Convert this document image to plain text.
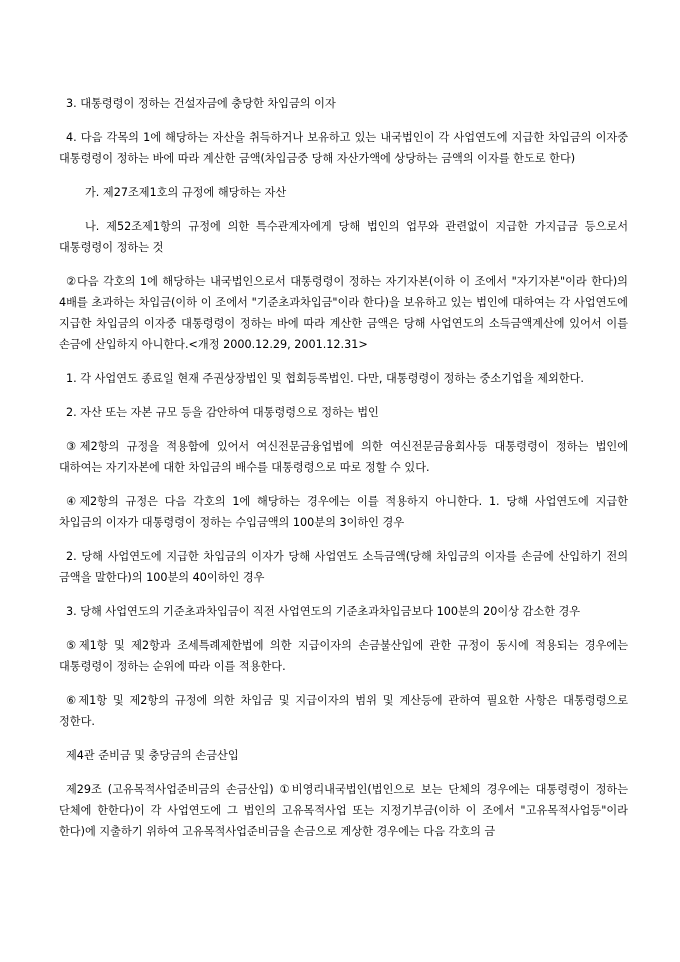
3. 대통령령이 정하는 건설자금에 충당한 차입금의 이자

4. 다음 각목의 1에 해당하는 자산을 취득하거나 보유하고 있는 내국법인이 각 사업연도에 지급한 차입금의 이자중 대통령령이 정하는 바에 따라 계산한 금액(차입금중 당해 자산가액에 상당하는 금액의 이자를 한도로 한다)

가. 제27조제1호의 규정에 해당하는 자산

나. 제52조제1항의 규정에 의한 특수관계자에게 당해 법인의 업무와 관련없이 지급한 가지급금 등으로서 대통령령이 정하는 것

②다음 각호의 1에 해당하는 내국법인으로서 대통령령이 정하는 자기자본(이하 이 조에서 "자기자본"이라 한다)의 4배를 초과하는 차입금(이하 이 조에서 "기준초과차입금"이라 한다)을 보유하고 있는 법인에 대하여는 각 사업연도에 지급한 차입금의 이자중 대통령령이 정하는 바에 따라 계산한 금액은 당해 사업연도의 소득금액계산에 있어서 이를 손금에 산입하지 아니한다.<개정 2000.12.29, 2001.12.31>

1. 각 사업연도 종료일 현재 주권상장법인 및 협회등록법인. 다만, 대통령령이 정하는 중소기업을 제외한다.

2. 자산 또는 자본 규모 등을 감안하여 대통령령으로 정하는 법인

③제2항의 규정을 적용함에 있어서 여신전문금융업법에 의한 여신전문금융회사등 대통령령이 정하는 법인에 대하여는 자기자본에 대한 차입금의 배수를 대통령령으로 따로 정할 수 있다.

④제2항의 규정은 다음 각호의 1에 해당하는 경우에는 이를 적용하지 아니한다. 1. 당해 사업연도에 지급한 차입금의 이자가 대통령령이 정하는 수입금액의 100분의 3이하인 경우

2. 당해 사업연도에 지급한 차입금의 이자가 당해 사업연도 소득금액(당해 차입금의 이자를 손금에 산입하기 전의 금액을 말한다)의 100분의 40이하인 경우

3. 당해 사업연도의 기준초과차입금이 직전 사업연도의 기준초과차입금보다 100분의 20이상 감소한 경우

⑤제1항 및 제2항과 조세특례제한법에 의한 지급이자의 손금불산입에 관한 규정이 동시에 적용되는 경우에는 대통령령이 정하는 순위에 따라 이를 적용한다.

⑥제1항 및 제2항의 규정에 의한 차입금 및 지급이자의 범위 및 계산등에 관하여 필요한 사항은 대통령령으로 정한다.

제4관 준비금 및 충당금의 손금산입

제29조 (고유목적사업준비금의 손금산입) ①비영리내국법인(법인으로 보는 단체의 경우에는 대통령령이 정하는 단체에 한한다)이 각 사업연도에 그 법인의 고유목적사업 또는 지정기부금(이하 이 조에서 "고유목적사업등"이라 한다)에 지출하기 위하여 고유목적사업준비금을 손금으로 계상한 경우에는 다음 각호의 금
